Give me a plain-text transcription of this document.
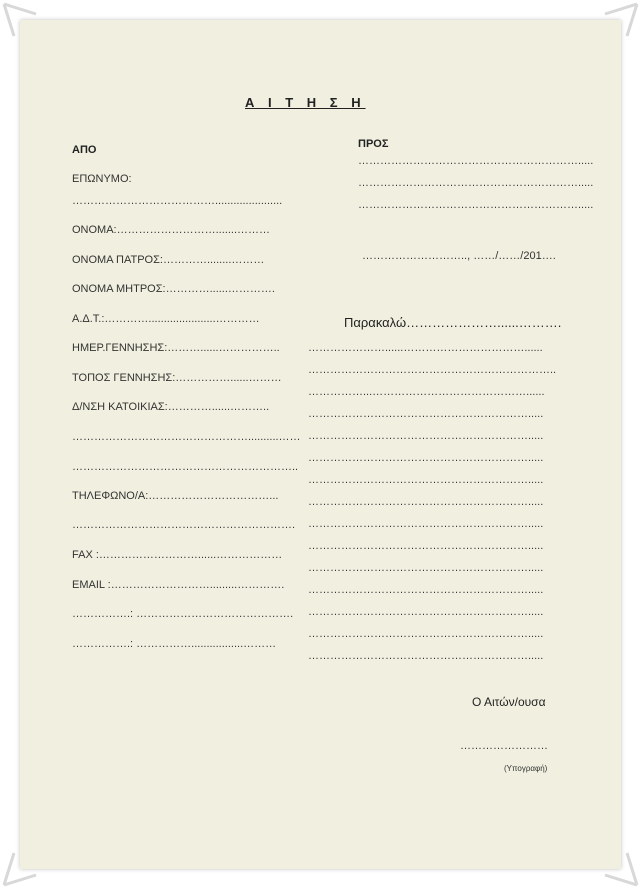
Α Ι Τ Η Σ Η
ΑΠΟ
ΕΠΩΝΥΜΟ:
…………………………………......................
ΟΝΟΜΑ:……………………….......………
ΟΝΟΜΑ ΠΑΤΡΟΣ:…………........………
ΟΝΟΜΑ ΜΗΤΡΟΣ:…………......………….
Α.Δ.Τ.:…………......................…………
ΗΜΕΡ.ΓΕΝΝΗΣΗΣ:………......……………..
ΤΟΠΟΣ ΓΕΝΝΗΣΗΣ:……………......………
Δ/ΝΣΗ ΚΑΤΟΙΚΙΑΣ:…………......………..
…………………………………………..........……
……………………………………………………..
ΤΗΛΕΦΩΝΟ/Α:……………………………...
…………………………………………………….
FAX :………………………......………………
EMAIL :……………………….........………….
…………….: …………………………………….
…………….: …………….................………
ΠΡΟΣ
…………………………………………………….....
…………………………………………………….....
…………………………………………………….....
……………………….., ……/……/201….
Παρακαλώ…………………......……….
…………………......……………………………......
…………………………………………………………..
……………...……………………………………......
…………………………………………………….....
…………………………………………………….....
…………………………………………………….....
…………………………………………………….....
…………………………………………………….....
…………………………………………………….....
…………………………………………………….....
…………………………………………………….....
…………………………………………………….....
…………………………………………………….....
…………………………………………………….....
…………………………………………………….....
Ο Αιτών/ουσα
……………………
(Υπογραφή)
